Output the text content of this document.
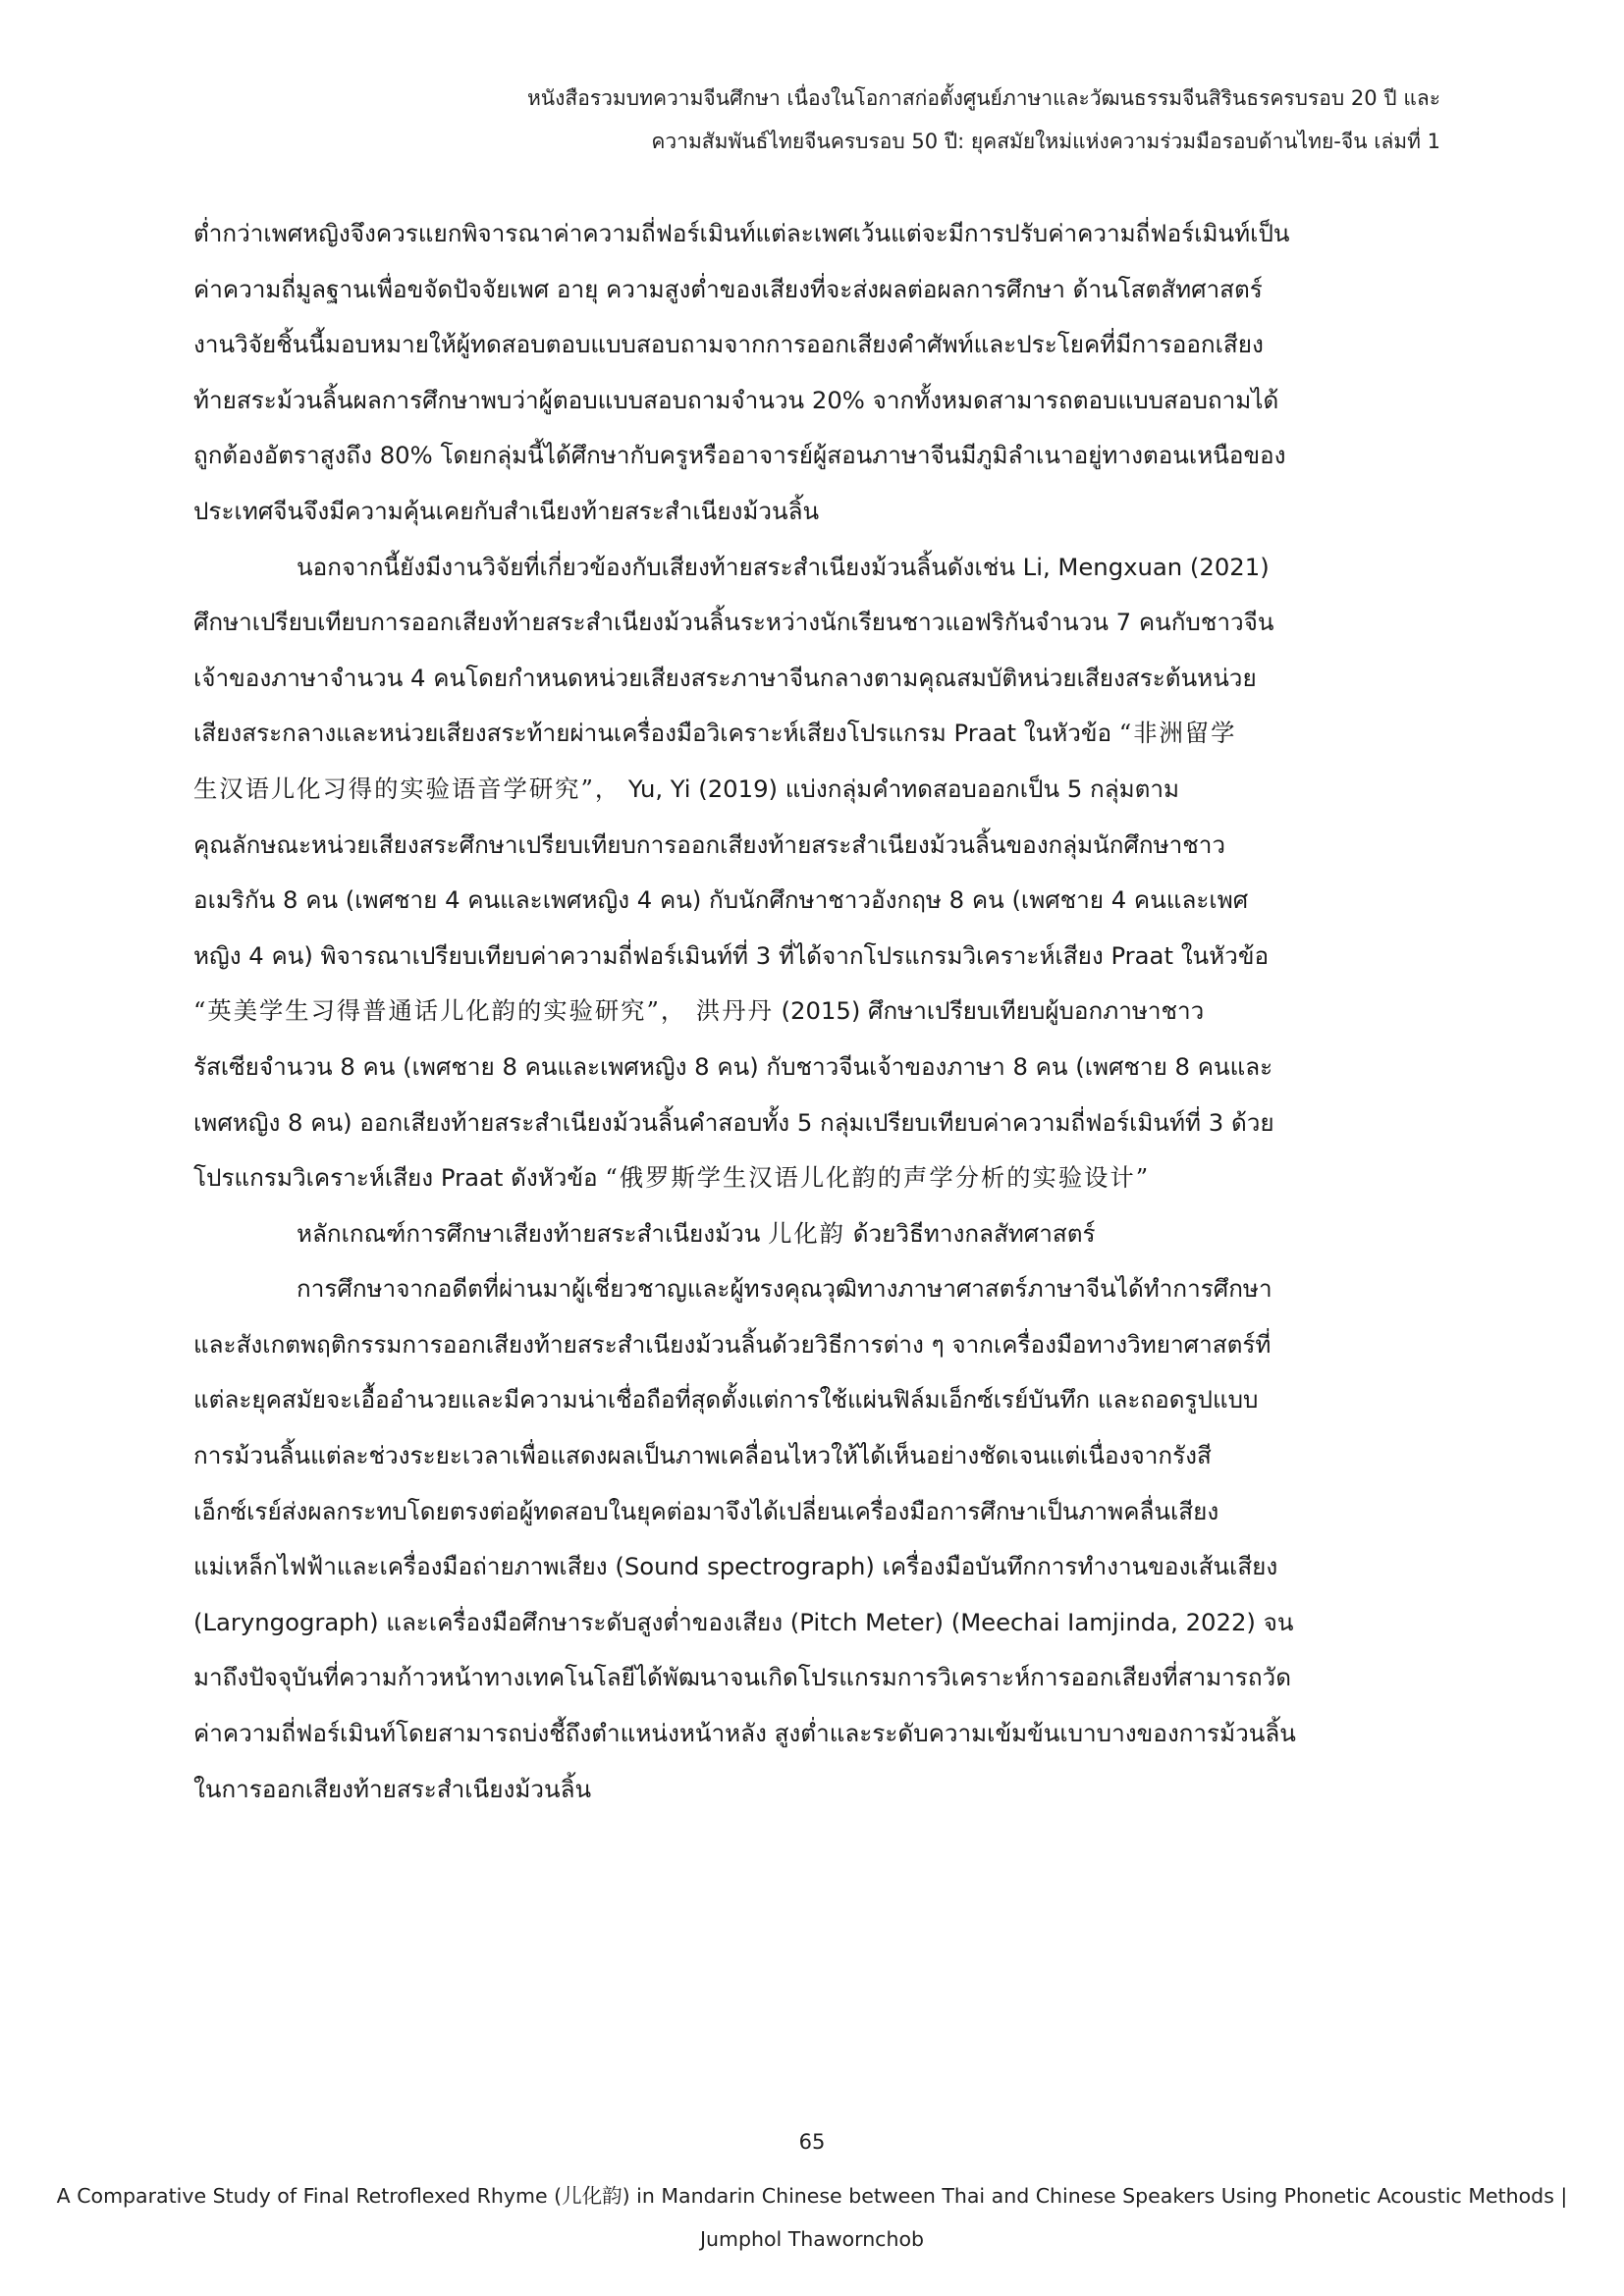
หนังสือรวมบทความจีนศึกษา เนื่องในโอกาสก่อตั้งศูนย์ภาษาและวัฒนธรรมจีนสิรินธรครบรอบ 20 ปี และ
ความสัมพันธ์ไทยจีนครบรอบ 50 ปี: ยุคสมัยใหม่แห่งความร่วมมือรอบด้านไทย-จีน เล่มที่ 1

ต่ำกว่าเพศหญิงจึงควรแยกพิจารณาค่าความถี่ฟอร์เมินท์แต่ละเพศเว้นแต่จะมีการปรับค่าความถี่ฟอร์เมินท์เป็น
ค่าความถี่มูลฐานเพื่อขจัดปัจจัยเพศ อายุ ความสูงต่ำของเสียงที่จะส่งผลต่อผลการศึกษา ด้านโสตสัทศาสตร์
งานวิจัยชิ้นนี้มอบหมายให้ผู้ทดสอบตอบแบบสอบถามจากการออกเสียงคำศัพท์และประโยคที่มีการออกเสียง
ท้ายสระม้วนลิ้นผลการศึกษาพบว่าผู้ตอบแบบสอบถามจำนวน 20% จากทั้งหมดสามารถตอบแบบสอบถามได้
ถูกต้องอัตราสูงถึง 80% โดยกลุ่มนี้ได้ศึกษากับครูหรืออาจารย์ผู้สอนภาษาจีนมีภูมิลำเนาอยู่ทางตอนเหนือของ
ประเทศจีนจึงมีความคุ้นเคยกับสำเนียงท้ายสระสำเนียงม้วนลิ้น

นอกจากนี้ยังมีงานวิจัยที่เกี่ยวข้องกับเสียงท้ายสระสำเนียงม้วนลิ้นดังเช่น Li, Mengxuan (2021)
ศึกษาเปรียบเทียบการออกเสียงท้ายสระสำเนียงม้วนลิ้นระหว่างนักเรียนชาวแอฟริกันจำนวน 7 คนกับชาวจีน
เจ้าของภาษาจำนวน 4 คนโดยกำหนดหน่วยเสียงสระภาษาจีนกลางตามคุณสมบัติหน่วยเสียงสระต้นหน่วย
เสียงสระกลางและหน่วยเสียงสระท้ายผ่านเครื่องมือวิเคราะห์เสียงโปรแกรม Praat ในหัวข้อ “非洲留学
生汉语儿化习得的实验语音学研究”， Yu, Yi (2019) แบ่งกลุ่มคำทดสอบออกเป็น 5 กลุ่มตาม
คุณลักษณะหน่วยเสียงสระศึกษาเปรียบเทียบการออกเสียงท้ายสระสำเนียงม้วนลิ้นของกลุ่มนักศึกษาชาว
อเมริกัน 8 คน (เพศชาย 4 คนและเพศหญิง 4 คน) กับนักศึกษาชาวอังกฤษ 8 คน (เพศชาย 4 คนและเพศ
หญิง 4 คน) พิจารณาเปรียบเทียบค่าความถี่ฟอร์เมินท์ที่ 3 ที่ได้จากโปรแกรมวิเคราะห์เสียง Praat ในหัวข้อ
“英美学生习得普通话儿化韵的实验研究”， 洪丹丹 (2015) ศึกษาเปรียบเทียบผู้บอกภาษาชาว
รัสเซียจำนวน 8 คน (เพศชาย 8 คนและเพศหญิง 8 คน) กับชาวจีนเจ้าของภาษา 8 คน (เพศชาย 8 คนและ
เพศหญิง 8 คน) ออกเสียงท้ายสระสำเนียงม้วนลิ้นคำสอบทั้ง 5 กลุ่มเปรียบเทียบค่าความถี่ฟอร์เมินท์ที่ 3 ด้วย
โปรแกรมวิเคราะห์เสียง Praat ดังหัวข้อ “俄罗斯学生汉语儿化韵的声学分析的实验设计”

หลักเกณฑ์การศึกษาเสียงท้ายสระสำเนียงม้วน 儿化韵 ด้วยวิธีทางกลสัทศาสตร์

การศึกษาจากอดีตที่ผ่านมาผู้เชี่ยวชาญและผู้ทรงคุณวุฒิทางภาษาศาสตร์ภาษาจีนได้ทำการศึกษา
และสังเกตพฤติกรรมการออกเสียงท้ายสระสำเนียงม้วนลิ้นด้วยวิธีการต่าง ๆ จากเครื่องมือทางวิทยาศาสตร์ที่
แต่ละยุคสมัยจะเอื้ออำนวยและมีความน่าเชื่อถือที่สุดตั้งแต่การใช้แผ่นฟิล์มเอ็กซ์เรย์บันทึก และถอดรูปแบบ
การม้วนลิ้นแต่ละช่วงระยะเวลาเพื่อแสดงผลเป็นภาพเคลื่อนไหวให้ได้เห็นอย่างชัดเจนแต่เนื่องจากรังสี
เอ็กซ์เรย์ส่งผลกระทบโดยตรงต่อผู้ทดสอบในยุคต่อมาจึงได้เปลี่ยนเครื่องมือการศึกษาเป็นภาพคลื่นเสียง
แม่เหล็กไฟฟ้าและเครื่องมือถ่ายภาพเสียง (Sound spectrograph) เครื่องมือบันทึกการทำงานของเส้นเสียง
(Laryngograph) และเครื่องมือศึกษาระดับสูงต่ำของเสียง (Pitch Meter) (Meechai Iamjinda, 2022) จน
มาถึงปัจจุบันที่ความก้าวหน้าทางเทคโนโลยีได้พัฒนาจนเกิดโปรแกรมการวิเคราะห์การออกเสียงที่สามารถวัด
ค่าความถี่ฟอร์เมินท์โดยสามารถบ่งชี้ถึงตำแหน่งหน้าหลัง สูงต่ำและระดับความเข้มข้นเบาบางของการม้วนลิ้น
ในการออกเสียงท้ายสระสำเนียงม้วนลิ้น

65
A Comparative Study of Final Retroflexed Rhyme (儿化韵) in Mandarin Chinese between Thai and Chinese Speakers Using Phonetic Acoustic Methods |
Jumphol Thawornchob
